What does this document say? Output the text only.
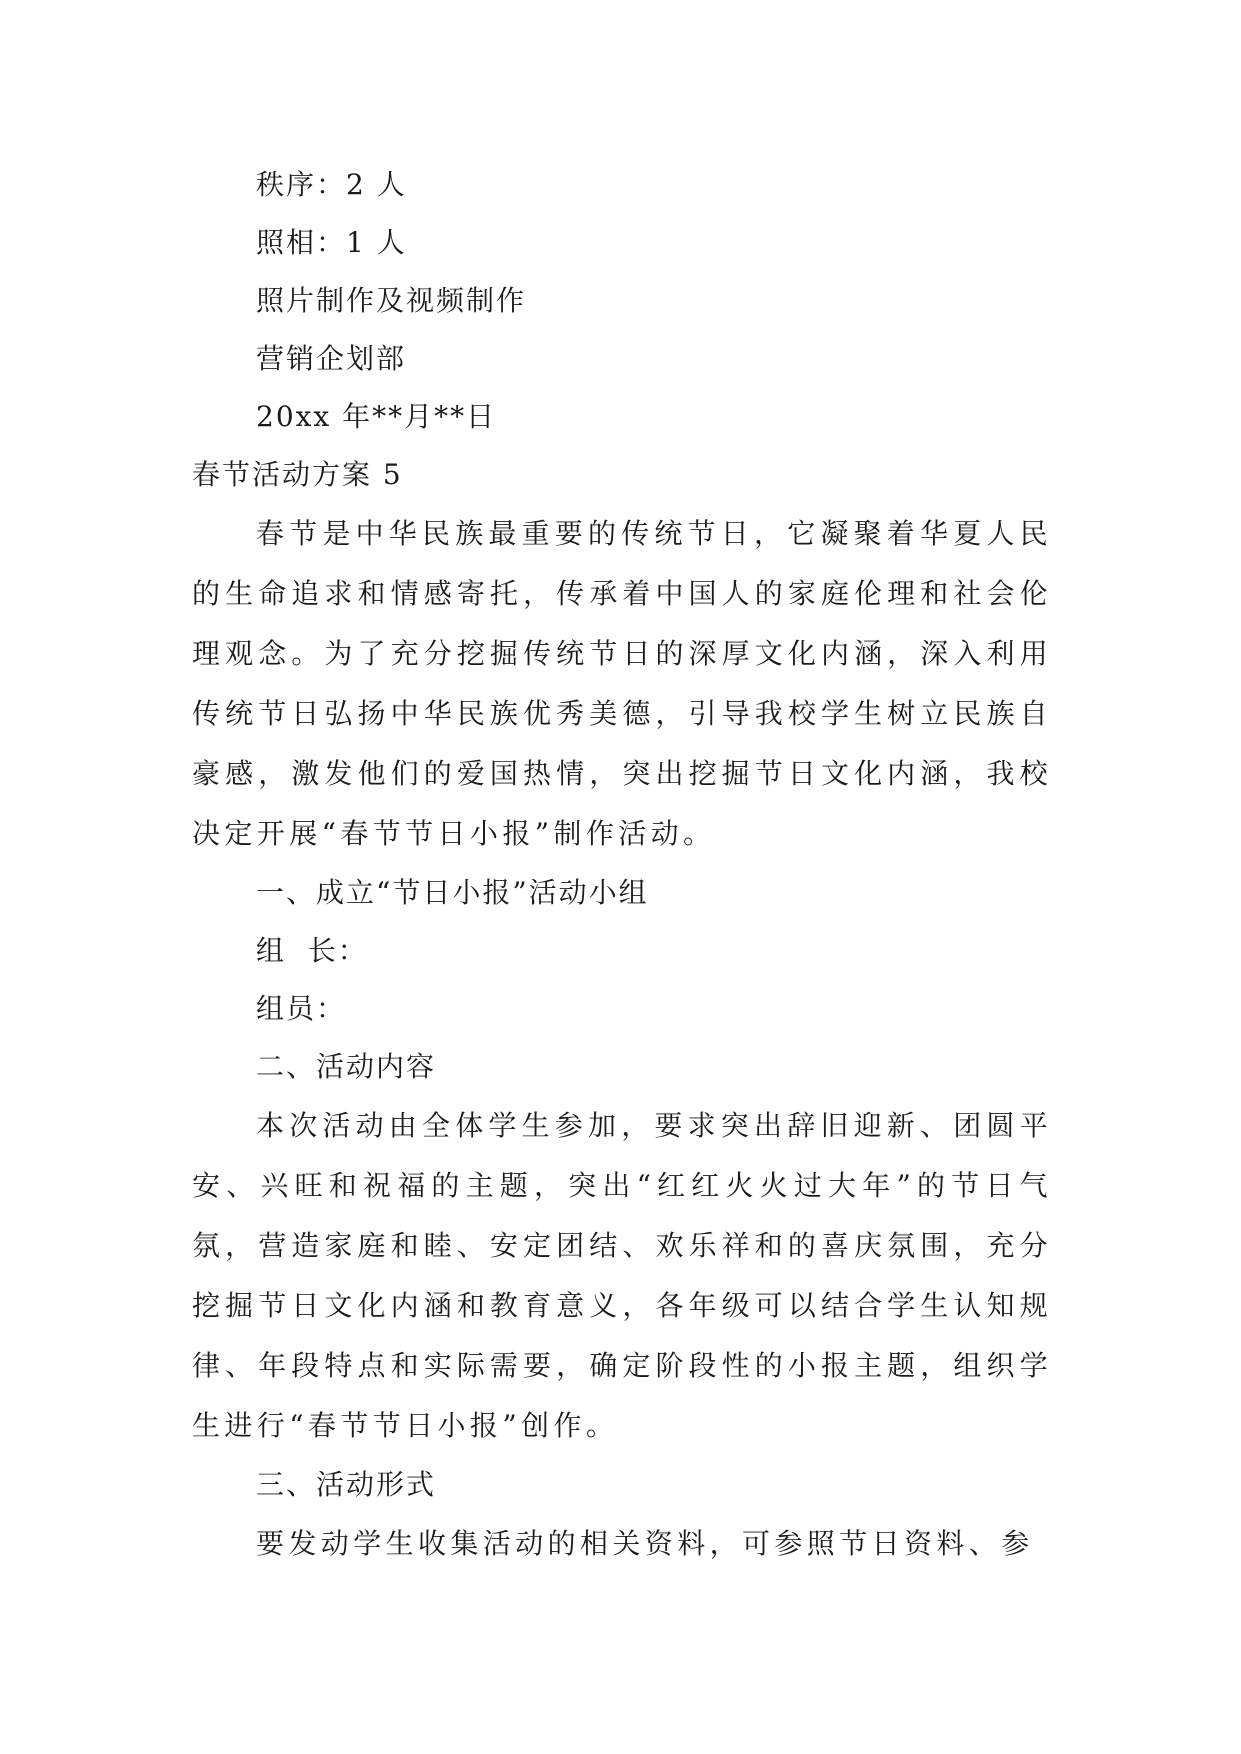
秩序：2 人
照相：1 人
照片制作及视频制作
营销企划部
20xx 年**月**日
春节活动方案 5

春节是中华民族最重要的传统节日，它凝聚着华夏人民的生命追求和情感寄托，传承着中国人的家庭伦理和社会伦理观念。为了充分挖掘传统节日的深厚文化内涵，深入利用传统节日弘扬中华民族优秀美德，引导我校学生树立民族自豪感，激发他们的爱国热情，突出挖掘节日文化内涵，我校决定开展“春节节日小报”制作活动。

一、成立“节日小报”活动小组
组  长：
组员：
二、活动内容

本次活动由全体学生参加，要求突出辞旧迎新、团圆平安、兴旺和祝福的主题，突出“红红火火过大年”的节日气氛，营造家庭和睦、安定团结、欢乐祥和的喜庆氛围，充分挖掘节日文化内涵和教育意义，各年级可以结合学生认知规律、年段特点和实际需要，确定阶段性的小报主题，组织学生进行“春节节日小报”创作。

三、活动形式

要发动学生收集活动的相关资料，可参照节日资料、参
